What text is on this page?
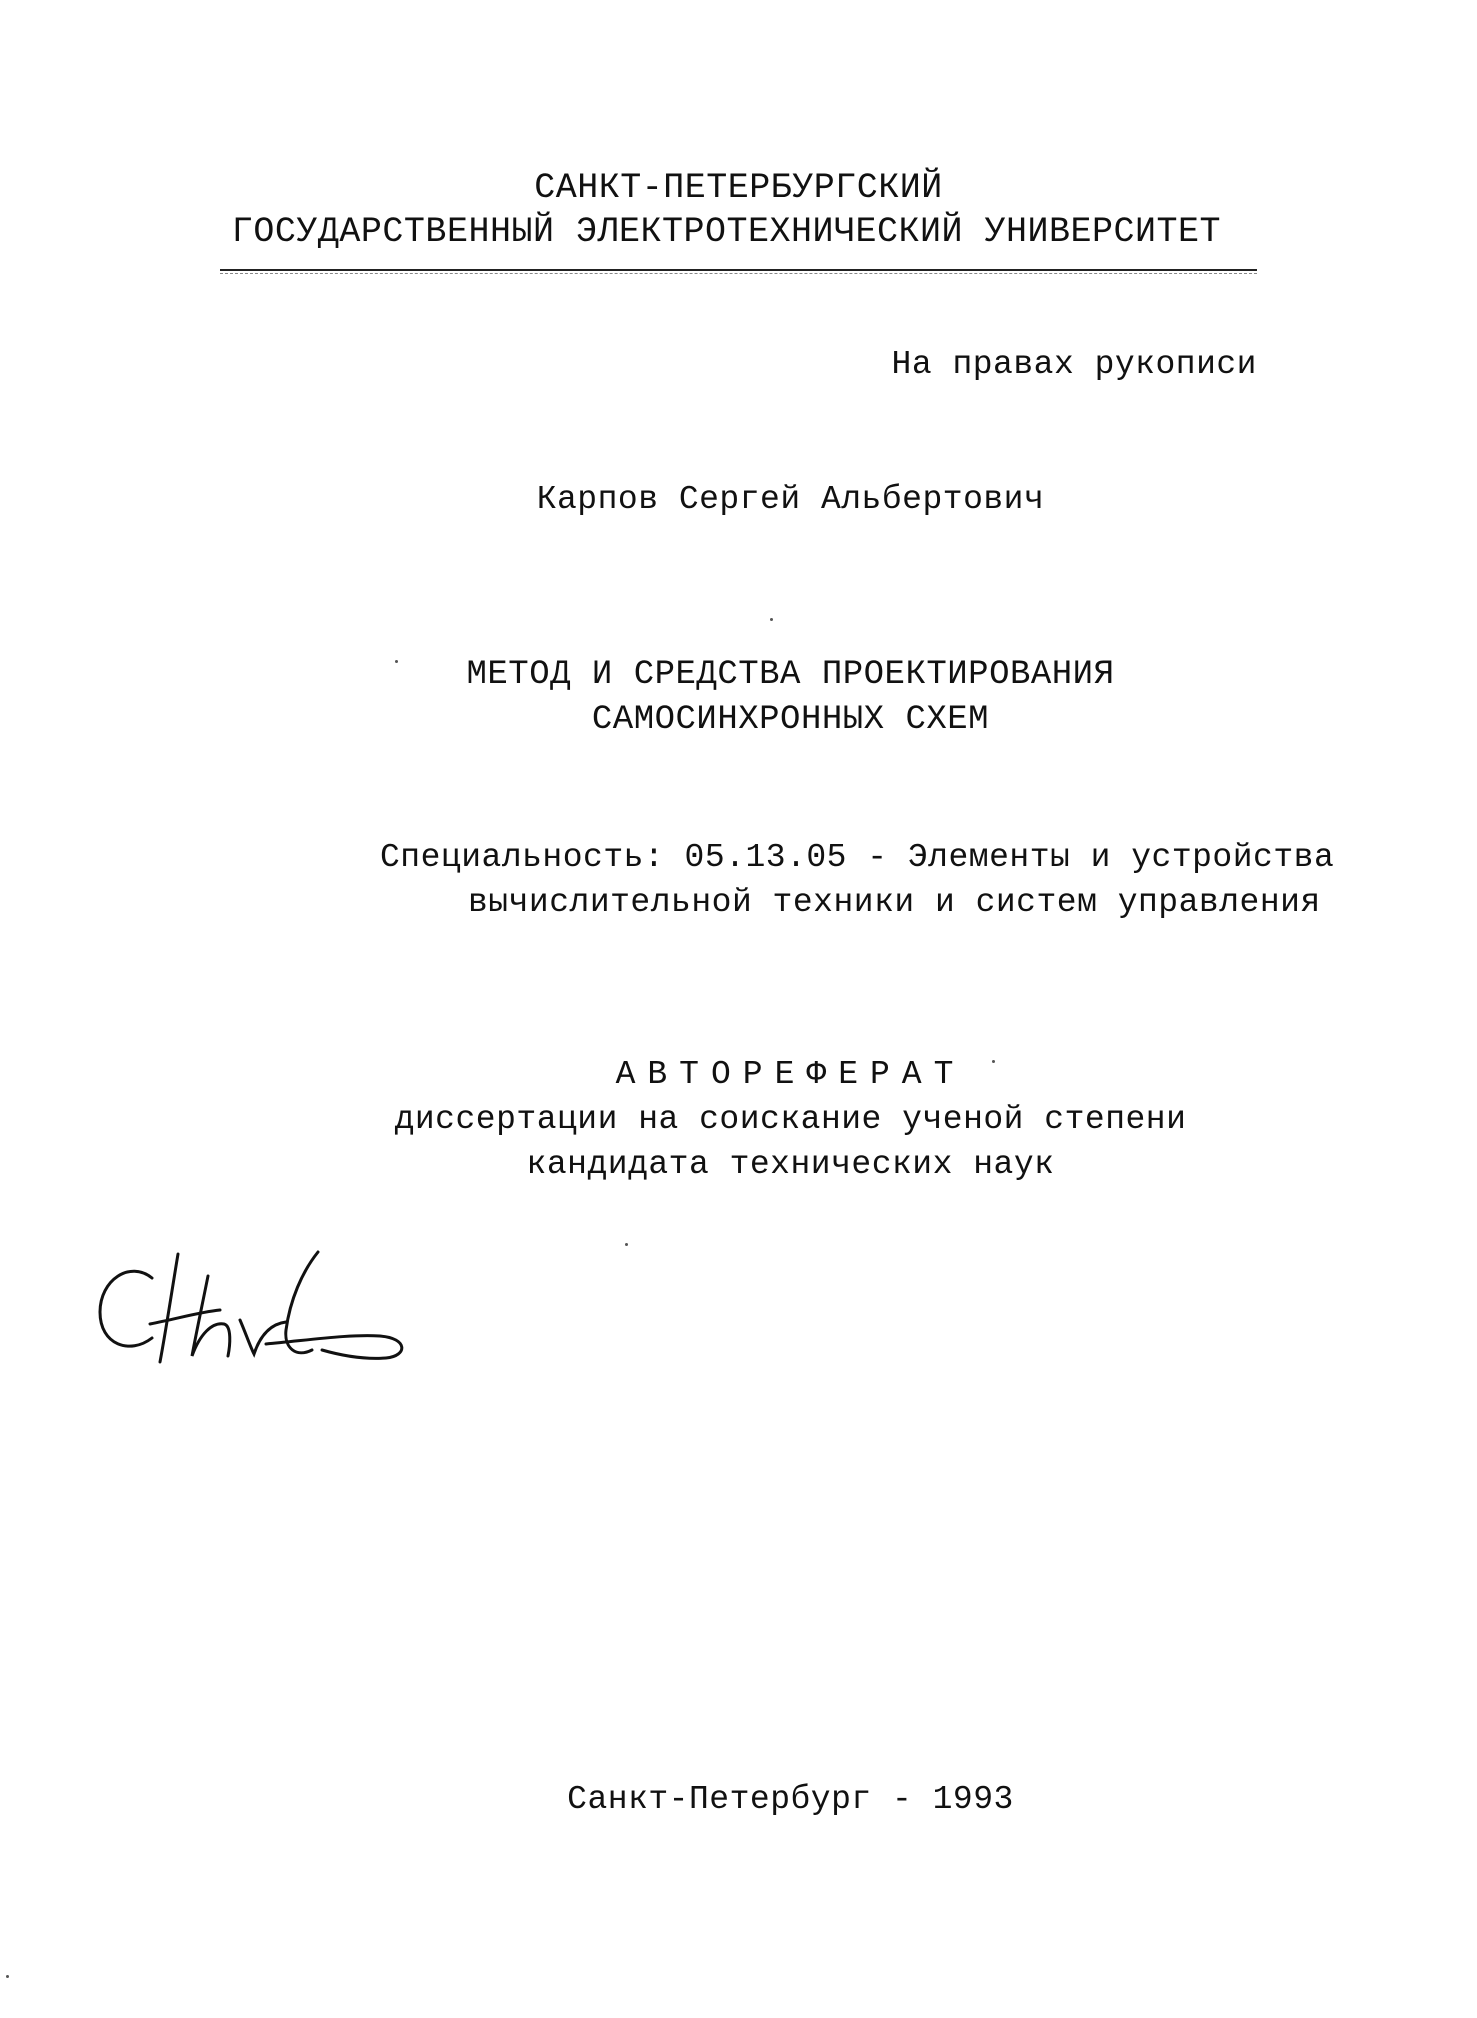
САНКТ-ПЕТЕРБУРГСКИЙ
ГОСУДАРСТВЕННЫЙ ЭЛЕКТРОТЕХНИЧЕСКИЙ УНИВЕРСИТЕТ
На правах рукописи
Карпов Сергей Альбертович
МЕТОД И СРЕДСТВА ПРОЕКТИРОВАНИЯ
САМОСИНХРОННЫХ СХЕМ
Специальность: 05.13.05 - Элементы и устройства
вычислительной техники и систем управления
АВТОРЕФЕРАТ
диссертации на соискание ученой степени
кандидата технических наук
Санкт-Петербург - 1993
